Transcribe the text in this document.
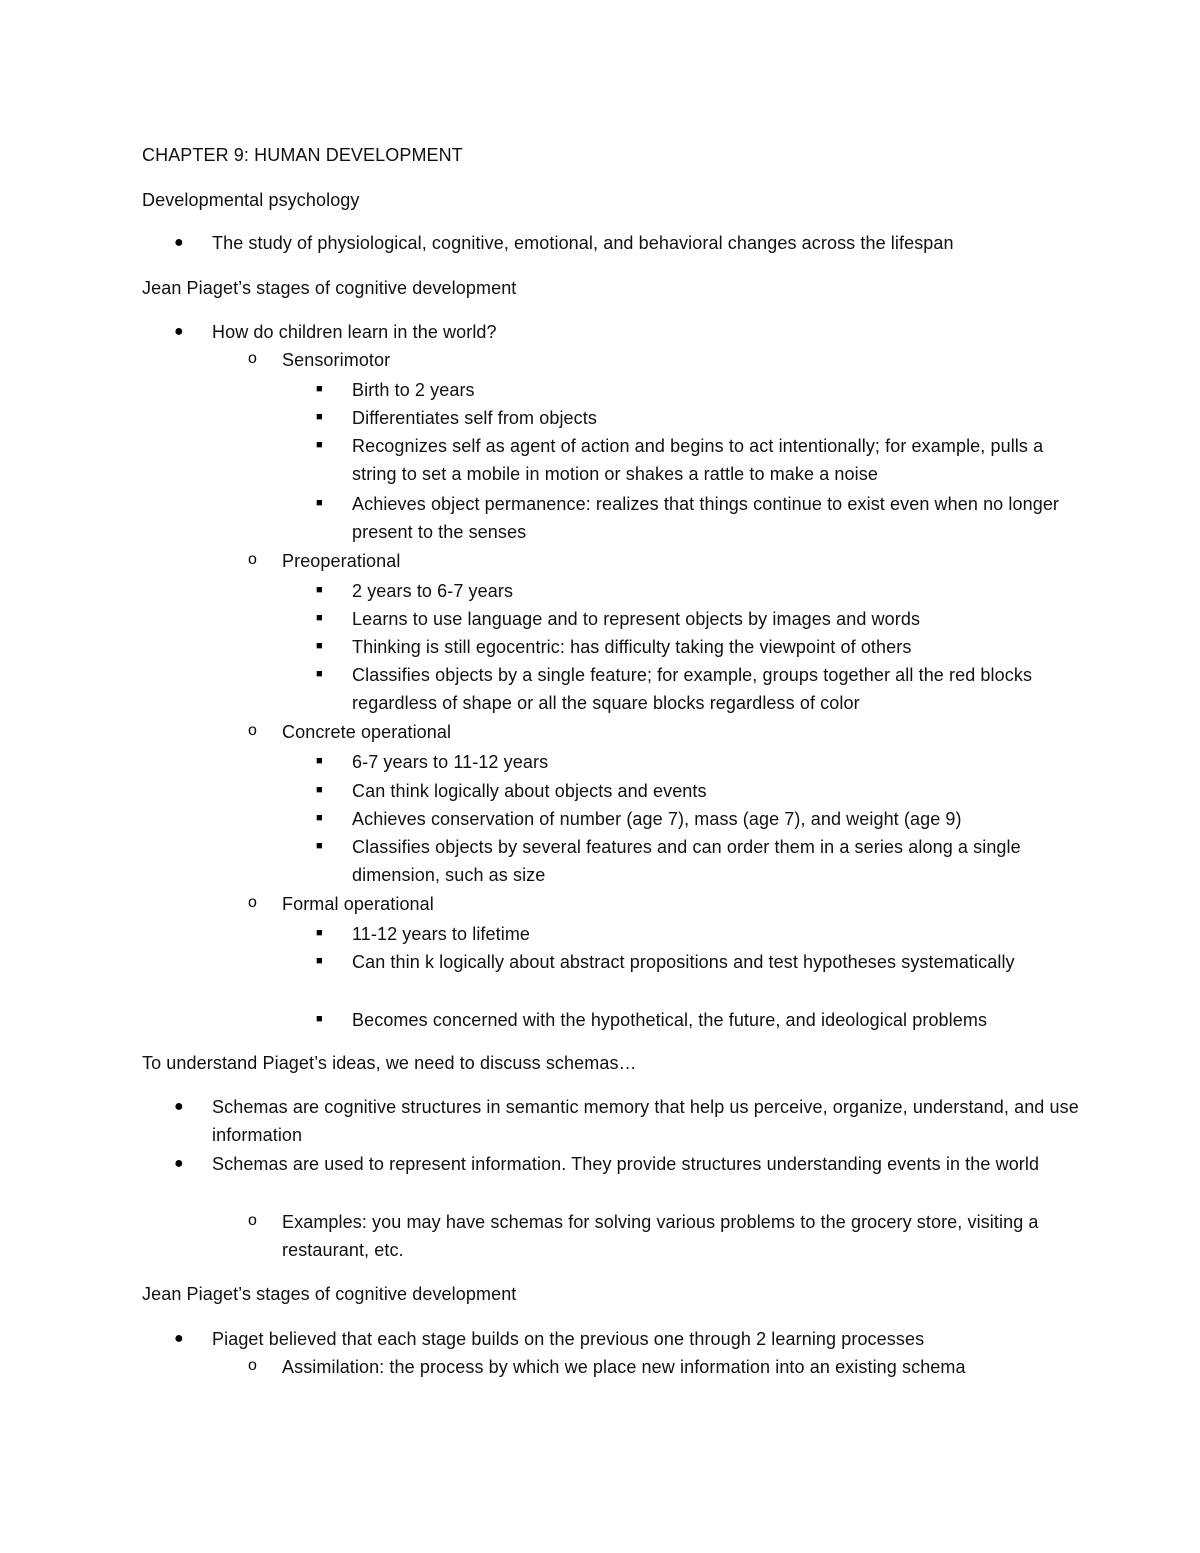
CHAPTER 9: HUMAN DEVELOPMENT
Developmental psychology
● The study of physiological, cognitive, emotional, and behavioral changes across the lifespan
Jean Piaget’s stages of cognitive development
● How do children learn in the world?
o Sensorimotor
■ Birth to 2 years
■ Differentiates self from objects
■ Recognizes self as agent of action and begins to act intentionally; for example, pulls a string to set a mobile in motion or shakes a rattle to make a noise
■ Achieves object permanence: realizes that things continue to exist even when no longer present to the senses
o Preoperational
■ 2 years to 6-7 years
■ Learns to use language and to represent objects by images and words
■ Thinking is still egocentric: has difficulty taking the viewpoint of others
■ Classifies objects by a single feature; for example, groups together all the red blocks regardless of shape or all the square blocks regardless of color
o Concrete operational
■ 6-7 years to 11-12 years
■ Can think logically about objects and events
■ Achieves conservation of number (age 7), mass (age 7), and weight (age 9)
■ Classifies objects by several features and can order them in a series along a single dimension, such as size
o Formal operational
■ 11-12 years to lifetime
■ Can thin k logically about abstract propositions and test hypotheses systematically
■ Becomes concerned with the hypothetical, the future, and ideological problems
To understand Piaget’s ideas, we need to discuss schemas…
● Schemas are cognitive structures in semantic memory that help us perceive, organize, understand, and use information
● Schemas are used to represent information. They provide structures understanding events in the world
o Examples: you may have schemas for solving various problems to the grocery store, visiting a restaurant, etc.
Jean Piaget’s stages of cognitive development
● Piaget believed that each stage builds on the previous one through 2 learning processes
o Assimilation: the process by which we place new information into an existing schema
